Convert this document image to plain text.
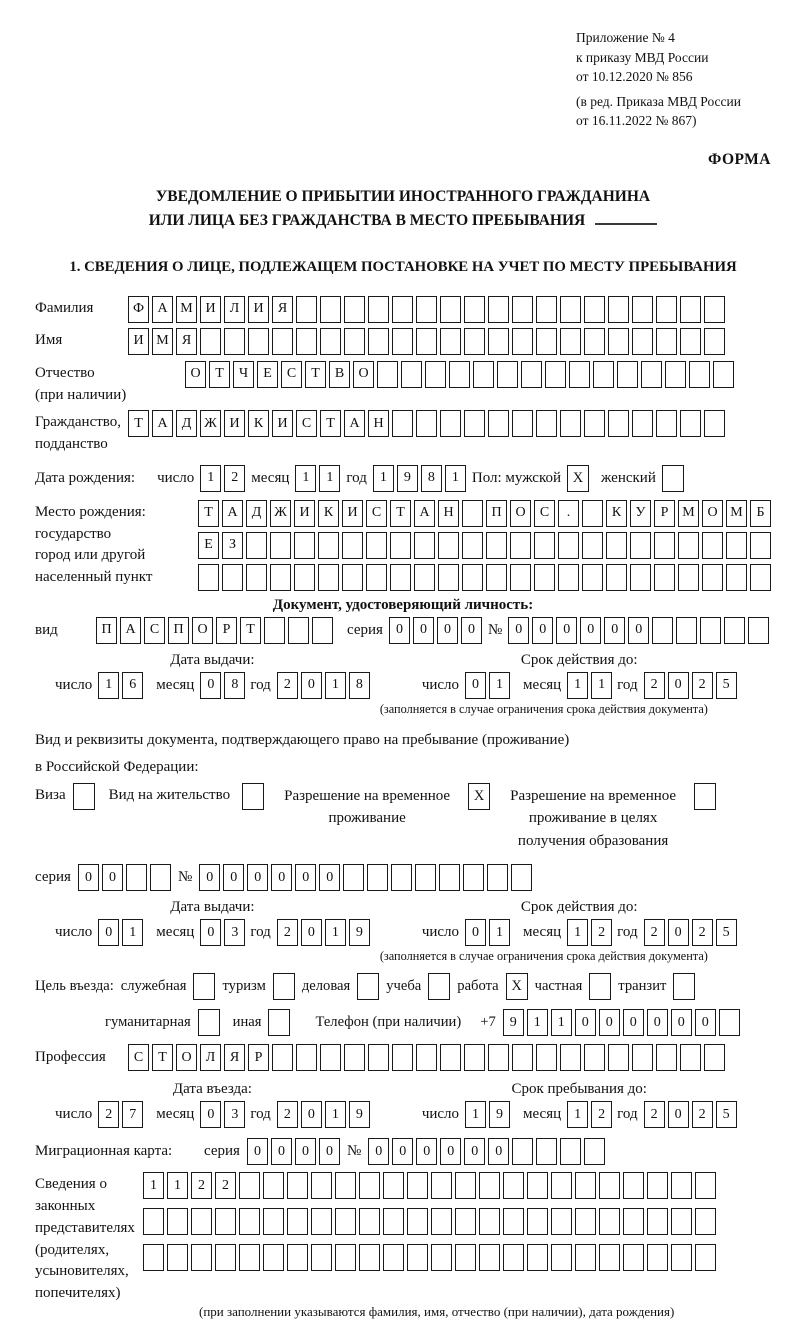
Приложение № 4
к приказу МВД России
от 10.12.2020 № 856
(в ред. Приказа МВД России
от 16.11.2022 № 867)
ФОРМА
УВЕДОМЛЕНИЕ О ПРИБЫТИИ ИНОСТРАННОГО ГРАЖДАНИНА
ИЛИ ЛИЦА БЕЗ ГРАЖДАНСТВА В МЕСТО ПРЕБЫВАНИЯ
1. СВЕДЕНИЯ О ЛИЦЕ, ПОДЛЕЖАЩЕМ ПОСТАНОВКЕ НА УЧЕТ ПО МЕСТУ ПРЕБЫВАНИЯ
Фамилия	Ф А М И	Л	И	Я
Имя	И М Я
Отчество
(при наличии)
О	Т	Ч	Е	С	Т	В	О
Гражданство,
подданство
Т	А	Д Ж И	К	И	С	Т	А Н
Дата рождения: число 1	2 месяц 1	1 год 1	9	8	1 Пол: мужской X	женский
Место рождения:
государство
город или другой
населенный пункт
Т	А	Д Ж И	К	И	С	Т	А Н	П О	С	.	К	У	Р М О М Б
Е	З
Документ, удостоверяющий личность:
вид	П А	С	П О	Р	Т	серия 0	0	0	0 № 0	0	0	0	0	0
Дата выдачи:
число 1	6	месяц 0	8 год 2	0	1	8
Срок действия до:
число 0	1	месяц 1	1 год 2	0	2	5
(заполняется в случае ограничения срока действия документа)
Вид и реквизиты документа, подтверждающего право на пребывание (проживание)
в Российской Федерации:
Виза	Вид на жительство	Разрешение на временное проживание
X	Разрешение на временное проживание в целях получения образования
серия	0	0	№	0	0	0	0	0	0
Дата выдачи:
число 0	1	месяц 0	3 год 2	0	1	9
Срок действия до:
число 0	1	месяц 1	2 год 2	0	2	5
(заполняется в случае ограничения срока действия документа)
Цель въезда: служебная туризм деловая учеба работа X частная транзит
гуманитарная	иная	Телефон (при наличии) +7	9	1	1	0	0	0	0	0	0
Профессия	С	Т	О	Л	Я	Р
Дата въезда:
число 2	7	месяц 0	3 год 2	0	1	9
Срок пребывания до:
число 1	9	месяц 1	2 год 2	0	2	5
Миграционная карта:	серия	0	0	0	0 №	0	0	0	0	0	0
Сведения о
законных
представителях
(родителях,
усыновителях,
попечителях)
1	1	2	2
(при заполнении указываются фамилия, имя, отчество (при наличии), дата рождения)
